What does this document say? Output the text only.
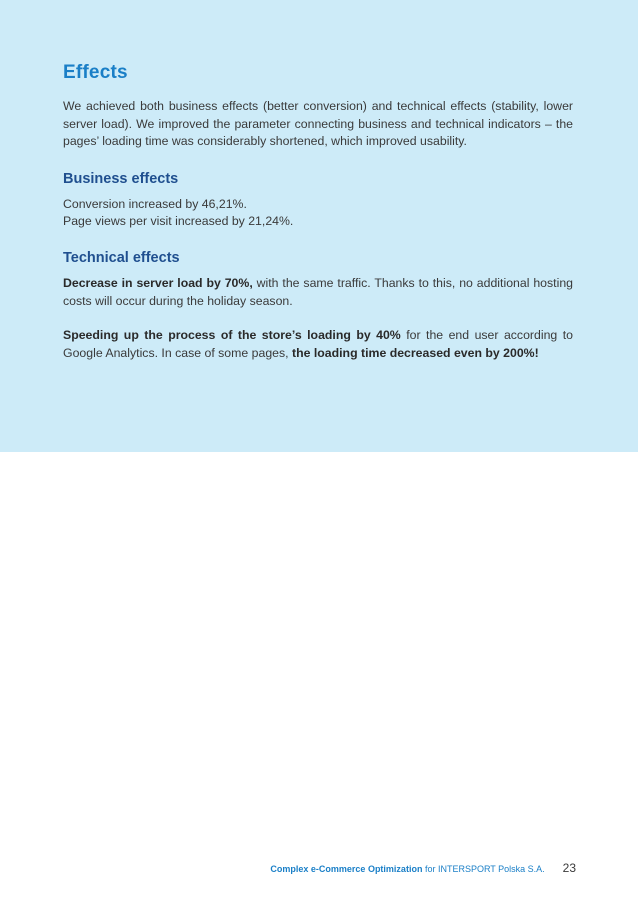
Effects

We achieved both business effects (better conversion) and technical effects (stability, lower server load). We improved the parameter connecting business and technical indicators – the pages’ loading time was considerably shortened, which improved usability.

Business effects

Conversion increased by 46,21%.
Page views per visit increased by 21,24%.

Technical effects

Decrease in server load by 70%, with the same traffic. Thanks to this, no additional hosting costs will occur during the holiday season.

Speeding up the process of the store’s loading by 40% for the end user according to Google Analytics. In case of some pages, the loading time decreased even by 200%!

Complex e-Commerce Optimization for INTERSPORT Polska S.A. 23
